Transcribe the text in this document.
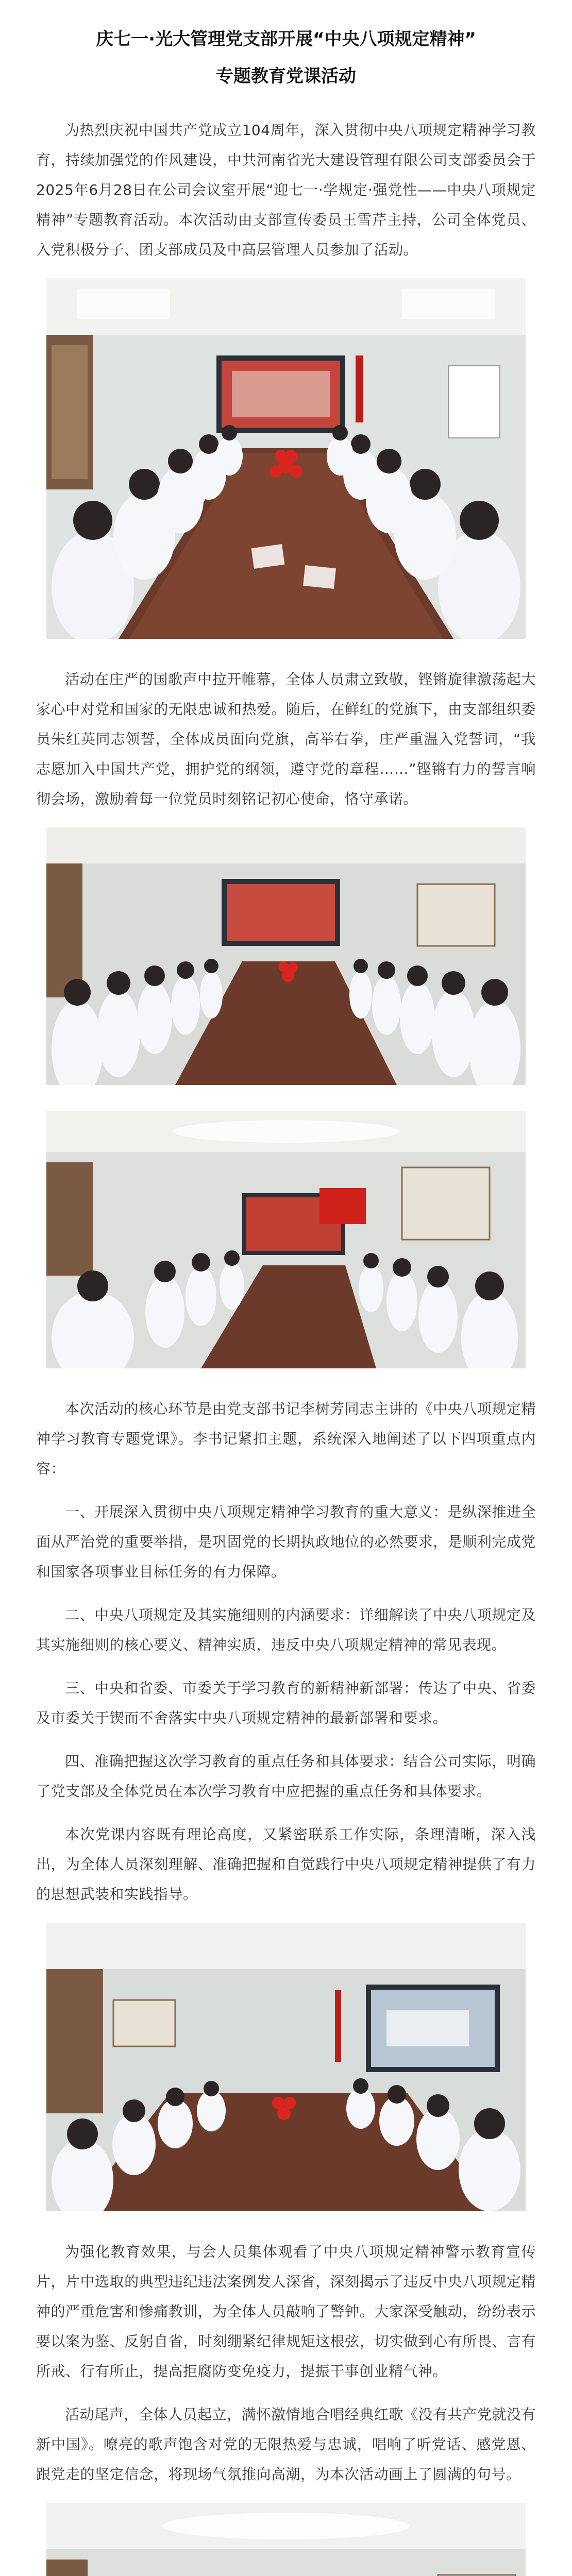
庆七一·光大管理党支部开展“中央八项规定精神”
专题教育党课活动

为热烈庆祝中国共产党成立104周年，深入贯彻中央八项规定精神学习教育，持续加强党的作风建设，中共河南省光大建设管理有限公司支部委员会于2025年6月28日在公司会议室开展“迎七一·学规定·强党性——中央八项规定精神”专题教育活动。本次活动由支部宣传委员王雪芹主持，公司全体党员、入党积极分子、团支部成员及中高层管理人员参加了活动。

活动在庄严的国歌声中拉开帷幕，全体人员肃立致敬，铿锵旋律激荡起大家心中对党和国家的无限忠诚和热爱。随后，在鲜红的党旗下，由支部组织委员朱红英同志领誓，全体成员面向党旗，高举右拳，庄严重温入党誓词，“我志愿加入中国共产党，拥护党的纲领，遵守党的章程……”铿锵有力的誓言响彻会场，激励着每一位党员时刻铭记初心使命，恪守承诺。

本次活动的核心环节是由党支部书记李树芳同志主讲的《中央八项规定精神学习教育专题党课》。李书记紧扣主题，系统深入地阐述了以下四项重点内容：

一、开展深入贯彻中央八项规定精神学习教育的重大意义：是纵深推进全面从严治党的重要举措，是巩固党的长期执政地位的必然要求，是顺利完成党和国家各项事业目标任务的有力保障。

二、中央八项规定及其实施细则的内涵要求：详细解读了中央八项规定及其实施细则的核心要义、精神实质，违反中央八项规定精神的常见表现。

三、中央和省委、市委关于学习教育的新精神新部署：传达了中央、省委及市委关于锲而不舍落实中央八项规定精神的最新部署和要求。

四、准确把握这次学习教育的重点任务和具体要求：结合公司实际，明确了党支部及全体党员在本次学习教育中应把握的重点任务和具体要求。

本次党课内容既有理论高度，又紧密联系工作实际，条理清晰，深入浅出，为全体人员深刻理解、准确把握和自觉践行中央八项规定精神提供了有力的思想武装和实践指导。

为强化教育效果，与会人员集体观看了中央八项规定精神警示教育宣传片，片中选取的典型违纪违法案例发人深省，深刻揭示了违反中央八项规定精神的严重危害和惨痛教训，为全体人员敲响了警钟。大家深受触动，纷纷表示要以案为鉴、反躬自省，时刻绷紧纪律规矩这根弦，切实做到心有所畏、言有所戒、行有所止，提高拒腐防变免疫力，提振干事创业精气神。

活动尾声，全体人员起立，满怀激情地合唱经典红歌《没有共产党就没有新中国》。嘹亮的歌声饱含对党的无限热爱与忠诚，唱响了听党话、感党恩、跟党走的坚定信念，将现场气氛推向高潮，为本次活动画上了圆满的句号。
